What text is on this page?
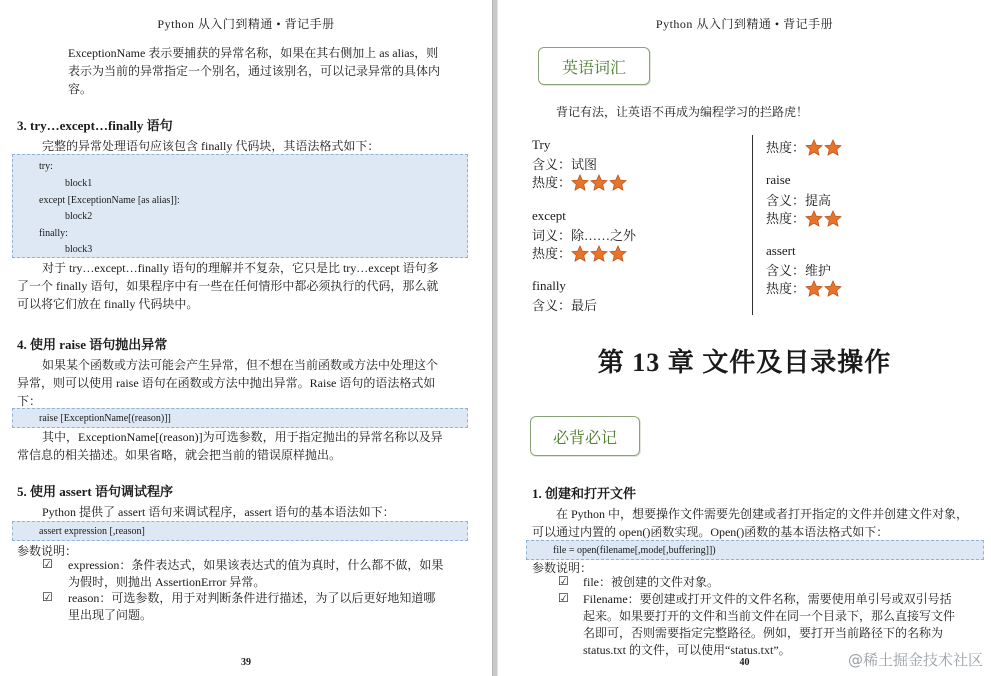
Python 从入门到精通 • 背记手册
ExceptionName 表示要捕获的异常名称，如果在其右侧加上 as alias，则
表示为当前的异常指定一个别名，通过该别名，可以记录异常的具体内
容。
3. try…except…finally 语句
完整的异常处理语句应该包含 finally 代码块，其语法格式如下：
try:
block1
except [ExceptionName [as alias]]:
block2
finally:
block3
对于 try…except…finally 语句的理解并不复杂，它只是比 try…except 语句多
了一个 finally 语句，如果程序中有一些在任何情形中都必须执行的代码，那么就
可以将它们放在 finally 代码块中。
4. 使用 raise 语句抛出异常
如果某个函数或方法可能会产生异常，但不想在当前函数或方法中处理这个
异常，则可以使用 raise 语句在函数或方法中抛出异常。Raise 语句的语法格式如
下：
raise [ExceptionName[(reason)]]
其中，ExceptionName[(reason)]为可选参数，用于指定抛出的异常名称以及异
常信息的相关描述。如果省略，就会把当前的错误原样抛出。
5. 使用 assert 语句调试程序
Python 提供了 assert 语句来调试程序，assert 语句的基本语法如下：
assert expression [,reason]
参数说明：
☑ expression：条件表达式，如果该表达式的值为真时，什么都不做，如果
为假时，则抛出 AssertionError 异常。
☑ reason：可选参数，用于对判断条件进行描述，为了以后更好地知道哪
里出现了问题。
39
Python 从入门到精通 • 背记手册
英语词汇
背记有法，让英语不再成为编程学习的拦路虎！
Try
含义：试图
热度：
except
词义：除……之外
热度：
finally
含义：最后
热度：
raise
含义：提高
热度：
assert
含义：维护
热度：
第 13 章 文件及目录操作
必背必记
1. 创建和打开文件
在 Python 中，想要操作文件需要先创建或者打开指定的文件并创建文件对象，
可以通过内置的 open()函数实现。Open()函数的基本语法格式如下：
file = open(filename[,mode[,buffering]])
参数说明：
☑ file：被创建的文件对象。
☑ Filename：要创建或打开文件的文件名称，需要使用单引号或双引号括
起来。如果要打开的文件和当前文件在同一个目录下，那么直接写文件
名即可，否则需要指定完整路径。例如，要打开当前路径下的名称为
status.txt 的文件，可以使用“status.txt”。
40	@稀土掘金技术社区
